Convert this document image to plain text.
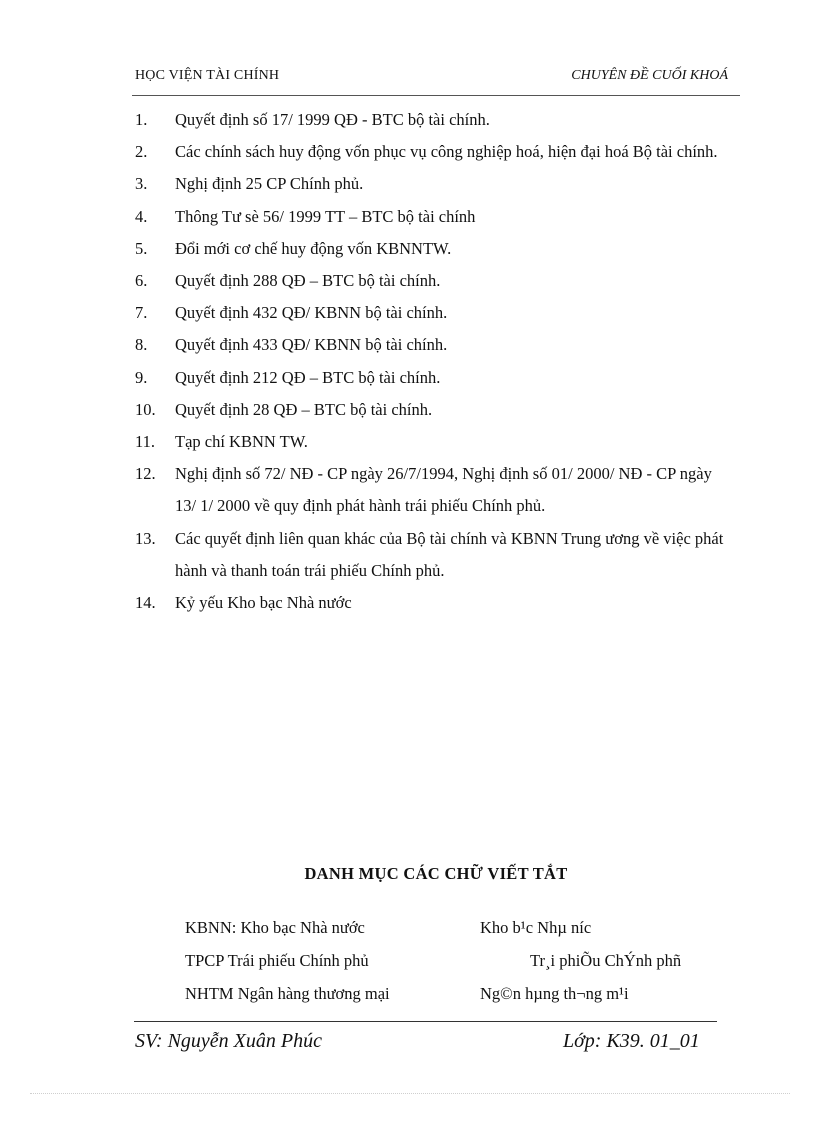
HỌC VIỆN TÀI CHÍNH	CHUYÊN ĐỀ CUỐI KHOÁ
1. Quyết định số 17/ 1999 QĐ - BTC bộ tài chính.
2. Các chính sách huy động vốn phục vụ công nghiệp hoá, hiện đại hoá Bộ tài chính.
3. Nghị định 25 CP Chính phủ.
4. Thông Tư sè 56/ 1999 TT – BTC bộ tài chính
5. Đổi mới cơ chế huy động vốn KBNNTW.
6. Quyết định 288 QĐ – BTC bộ tài chính.
7. Quyết định 432 QĐ/ KBNN bộ tài chính.
8. Quyết định 433 QĐ/ KBNN bộ tài chính.
9. Quyết định 212 QĐ – BTC bộ tài chính.
10. Quyết định 28 QĐ – BTC bộ tài chính.
11. Tạp chí KBNN TW.
12. Nghị định số 72/ NĐ - CP ngày 26/7/1994, Nghị định số 01/ 2000/ NĐ - CP ngày 13/ 1/ 2000 về quy định phát hành trái phiếu Chính phủ.
13. Các quyết định liên quan khác của Bộ tài chính và KBNN Trung ương về việc phát hành và thanh toán trái phiếu Chính phủ.
14. Kỷ yếu Kho bạc Nhà nước
DANH MỤC CÁC CHỮ VIẾT TẮT
KBNN: Kho bạc Nhà nước	Kho b¹c Nhµ níc
TPCP Trái phiếu Chính phủ	Tr¸i phiÕu ChÝnh phñ
NHTM Ngân hàng thương mại	Ng©n hµng th¬ng m¹i
SV: Nguyễn Xuân Phúc	Lớp: K39. 01_01
